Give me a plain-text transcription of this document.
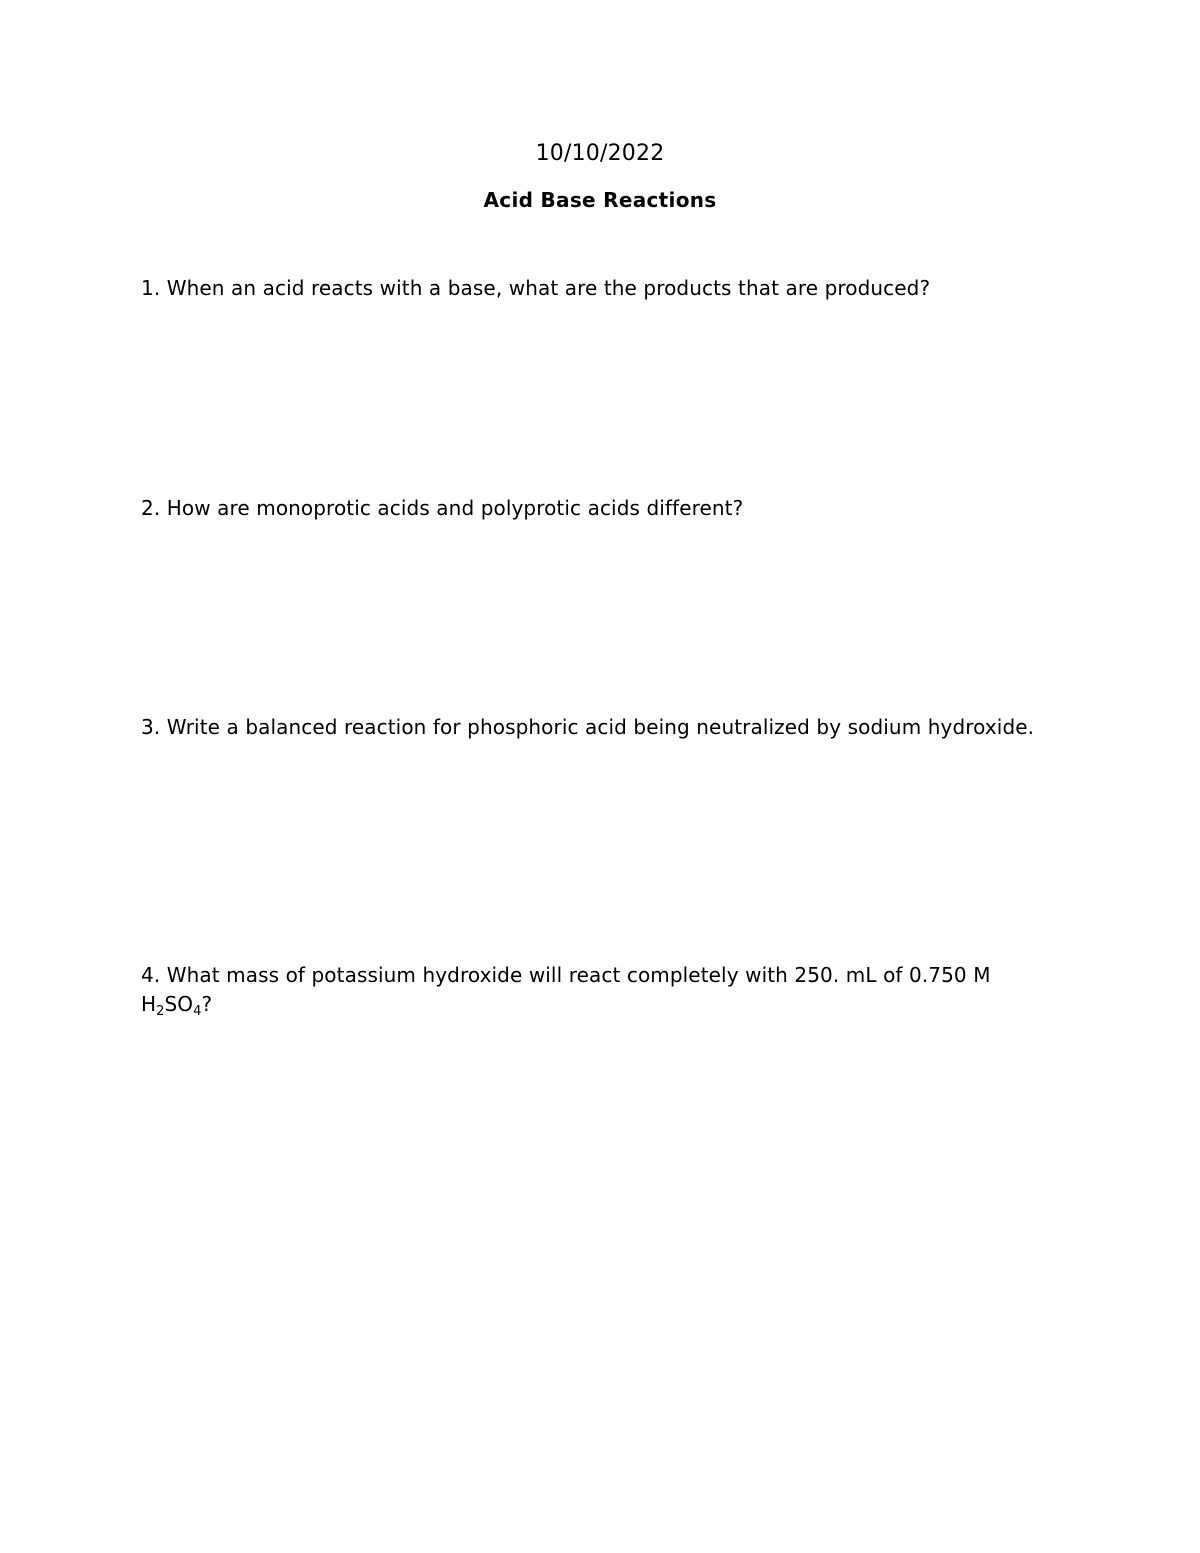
10/10/2022
Acid Base Reactions
1. When an acid reacts with a base, what are the products that are produced?
2. How are monoprotic acids and polyprotic acids different?
3. Write a balanced reaction for phosphoric acid being neutralized by sodium hydroxide.
4. What mass of potassium hydroxide will react completely with 250. mL of 0.750 M
$H_2SO_4$?
